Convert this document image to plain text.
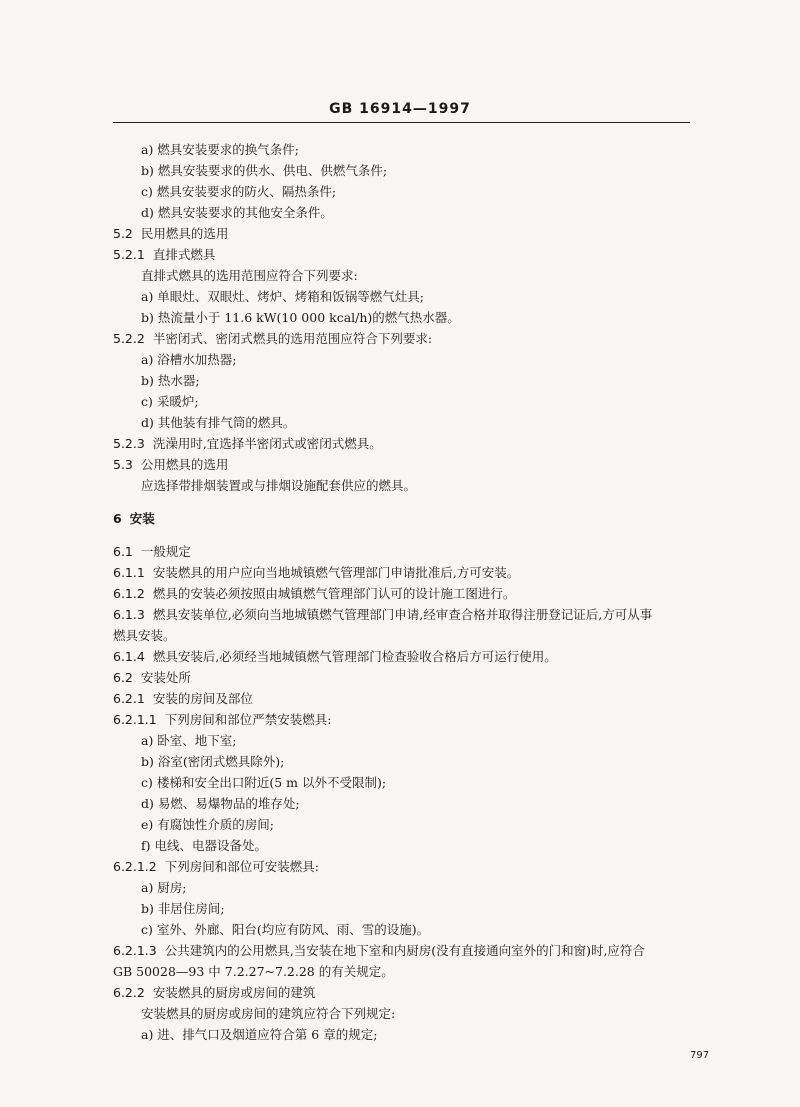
GB 16914—1997
a) 燃具安装要求的换气条件;
b) 燃具安装要求的供水、供电、供燃气条件;
c) 燃具安装要求的防火、隔热条件;
d) 燃具安装要求的其他安全条件。
5.2 民用燃具的选用
5.2.1 直排式燃具
直排式燃具的选用范围应符合下列要求:
a) 单眼灶、双眼灶、烤炉、烤箱和饭锅等燃气灶具;
b) 热流量小于 11.6 kW(10 000 kcal/h)的燃气热水器。
5.2.2 半密闭式、密闭式燃具的选用范围应符合下列要求:
a) 浴槽水加热器;
b) 热水器;
c) 采暖炉;
d) 其他装有排气筒的燃具。
5.2.3 洗澡用时,宜选择半密闭式或密闭式燃具。
5.3 公用燃具的选用
应选择带排烟装置或与排烟设施配套供应的燃具。
6 安装
6.1 一般规定
6.1.1 安装燃具的用户应向当地城镇燃气管理部门申请批准后,方可安装。
6.1.2 燃具的安装必须按照由城镇燃气管理部门认可的设计施工图进行。
6.1.3 燃具安装单位,必须向当地城镇燃气管理部门申请,经审查合格并取得注册登记证后,方可从事
燃具安装。
6.1.4 燃具安装后,必须经当地城镇燃气管理部门检查验收合格后方可运行使用。
6.2 安装处所
6.2.1 安装的房间及部位
6.2.1.1 下列房间和部位严禁安装燃具:
a) 卧室、地下室;
b) 浴室(密闭式燃具除外);
c) 楼梯和安全出口附近(5 m 以外不受限制);
d) 易燃、易爆物品的堆存处;
e) 有腐蚀性介质的房间;
f) 电线、电器设备处。
6.2.1.2 下列房间和部位可安装燃具:
a) 厨房;
b) 非居住房间;
c) 室外、外廊、阳台(均应有防风、雨、雪的设施)。
6.2.1.3 公共建筑内的公用燃具,当安装在地下室和内厨房(没有直接通向室外的门和窗)时,应符合
GB 50028—93 中 7.2.27~7.2.28 的有关规定。
6.2.2 安装燃具的厨房或房间的建筑
安装燃具的厨房或房间的建筑应符合下列规定:
a) 进、排气口及烟道应符合第 6 章的规定;
797
